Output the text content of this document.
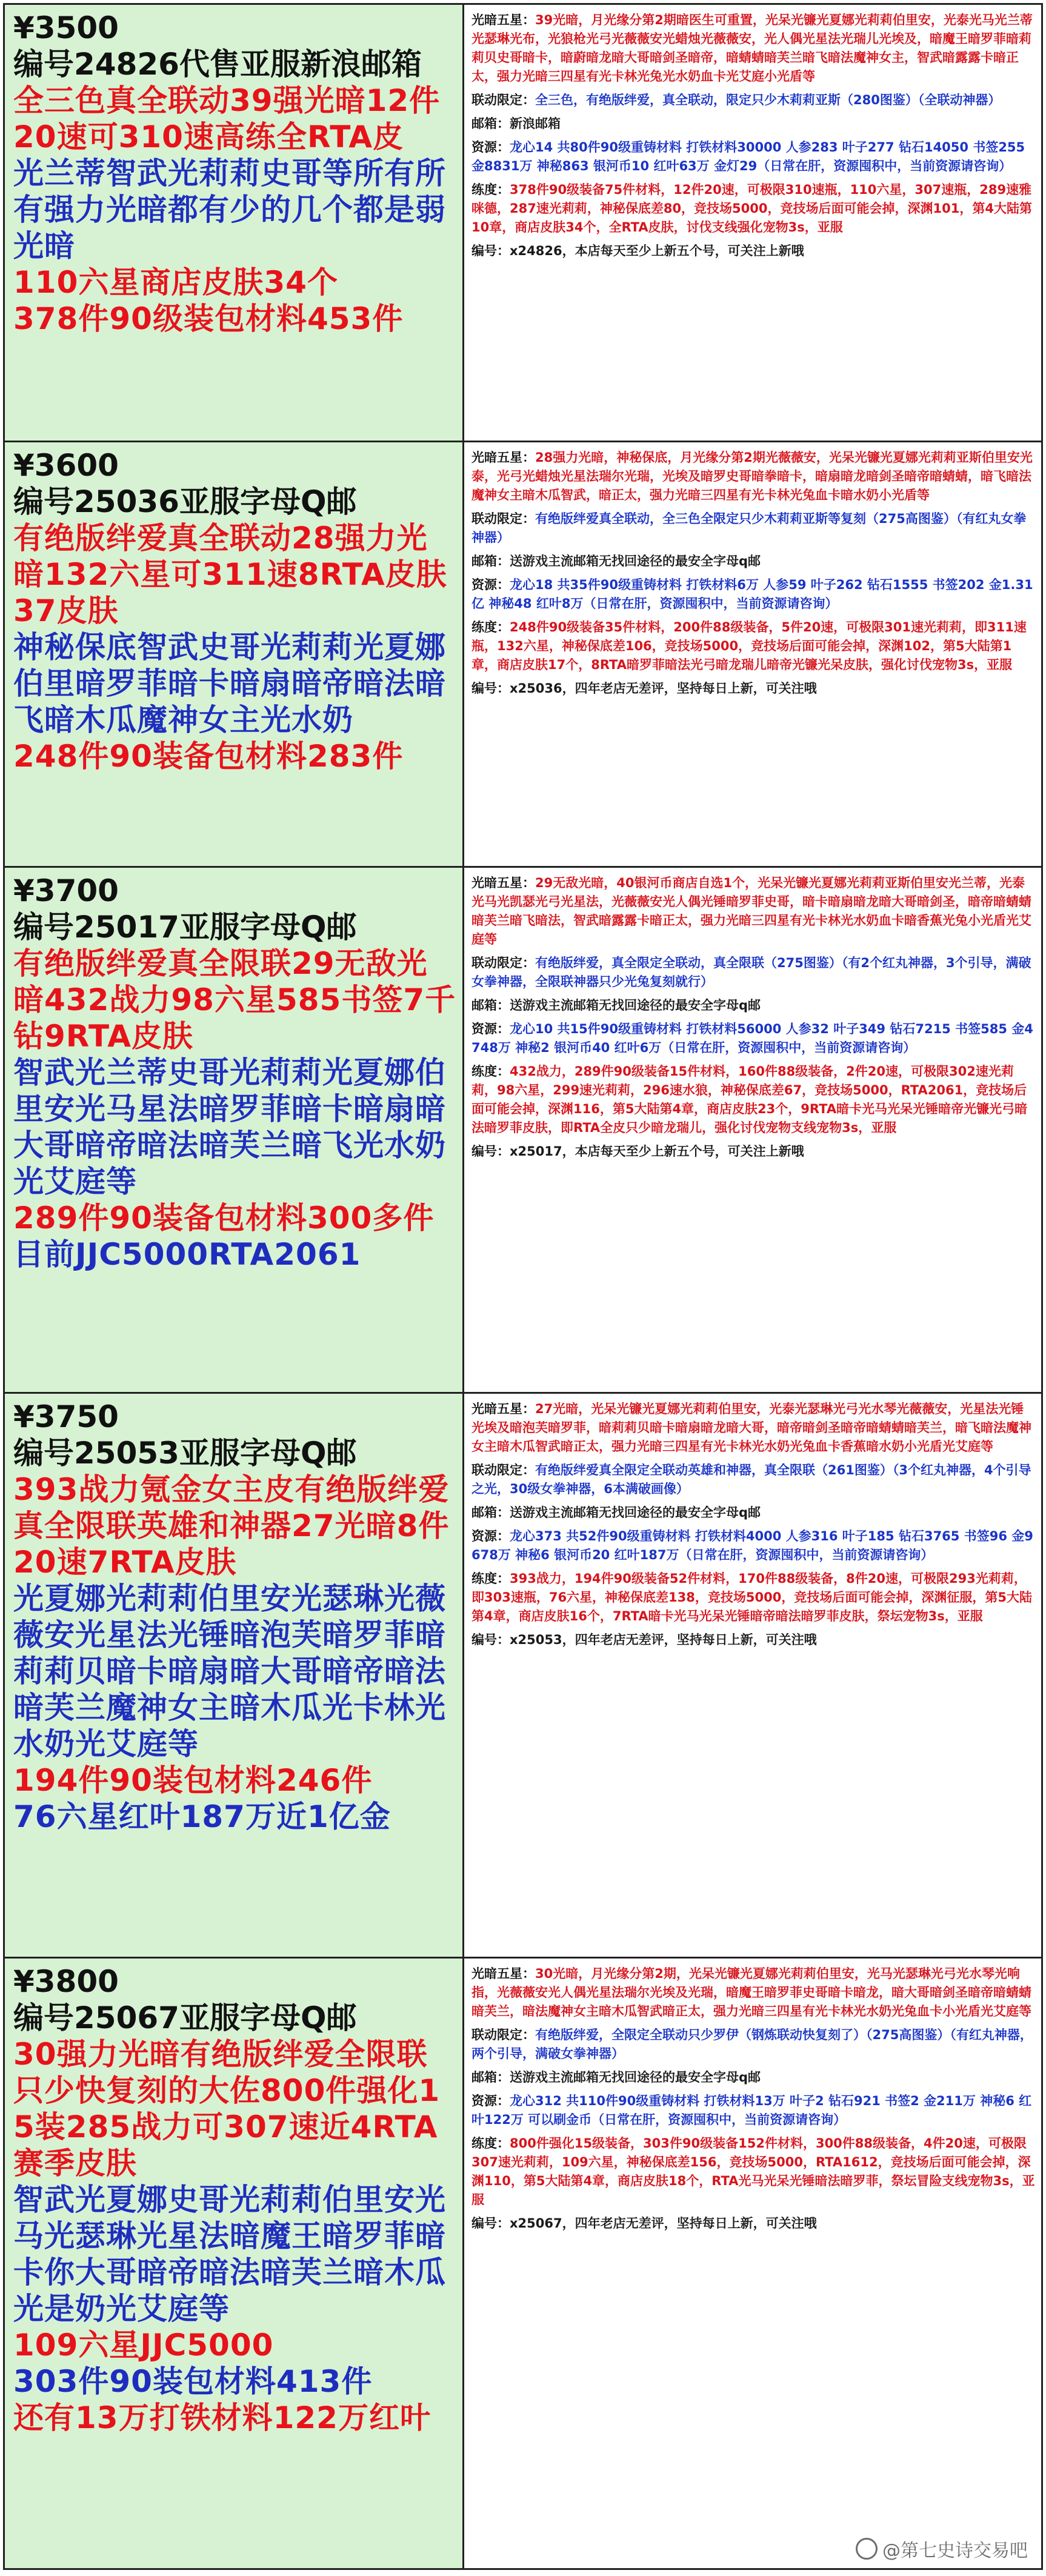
¥3500
编号24826代售亚服新浪邮箱
全三色真全联动39强光暗12件20速可310速高练全RTA皮
光兰蒂智武光莉莉史哥等所有所有强力光暗都有少的几个都是弱光暗
110六星商店皮肤34个
378件90级装包材料453件

光暗五星：39光暗，月光缘分第2期暗医生可重置，光呆光镰光夏娜光莉莉伯里安，光泰光马光兰蒂光瑟琳光布，光狼枪光弓光薇薇安光蜡烛光薇薇安，光人偶光星法光瑞儿光埃及，暗魔王暗罗菲暗莉莉贝史哥暗卡，暗蔚暗龙暗大哥暗剑圣暗帝，暗蜻蜻暗芙兰暗飞暗法魔神女主，智武暗露露卡暗正太，强力光暗三四星有光卡林光兔光水奶血卡光艾庭小光盾等

联动限定：全三色，有绝版绊爱，真全联动，限定只少木莉莉亚斯（280图鉴）（全联动神器）

邮箱：新浪邮箱

资源：龙心14 共80件90级重铸材料 打铁材料30000 人参283 叶子277 钻石14050 书签255 金8831万 神秘863 银河币10 红叶63万 金灯29（日常在肝，资源囤积中，当前资源请咨询）

练度：378件90级装备75件材料，12件20速，可极限310速瓶，110六星，307速瓶，289速雅咪德，287速光莉莉，神秘保底差80，竞技场5000，竞技场后面可能会掉，深渊101，第4大陆第10章，商店皮肤34个，全RTA皮肤，讨伐支线强化宠物3s，亚服

编号：x24826，本店每天至少上新五个号，可关注上新哦

¥3600
编号25036亚服字母Q邮
有绝版绊爱真全联动28强力光暗132六星可311速8RTA皮肤37皮肤
神秘保底智武史哥光莉莉光夏娜伯里暗罗菲暗卡暗扇暗帝暗法暗飞暗木瓜魔神女主光水奶
248件90装备包材料283件

光暗五星：28强力光暗，神秘保底，月光缘分第2期光薇薇安，光呆光镰光夏娜光莉莉亚斯伯里安光泰，光弓光蜡烛光星法瑞尔光瑞，光埃及暗罗史哥暗拳暗卡，暗扇暗龙暗剑圣暗帝暗蜻蜻，暗飞暗法魔神女主暗木瓜智武，暗正太，强力光暗三四星有光卡林光兔血卡暗水奶小光盾等

联动限定：有绝版绊爱真全联动，全三色全限定只少木莉莉亚斯等复刻（275高图鉴）（有红丸女拳神器）

邮箱：送游戏主流邮箱无找回途径的最安全字母q邮

资源：龙心18 共35件90级重铸材料 打铁材料6万 人参59 叶子262 钻石1555 书签202 金1.31亿 神秘48 红叶8万（日常在肝，资源囤积中，当前资源请咨询）

练度：248件90级装备35件材料，200件88级装备，5件20速，可极限301速光莉莉，即311速瓶，132六星，神秘保底差106，竞技场5000，竞技场后面可能会掉，深渊102，第5大陆第1章，商店皮肤17个，8RTA暗罗菲暗法光弓暗龙瑞儿暗帝光镰光呆皮肤，强化讨伐宠物3s，亚服

编号：x25036，四年老店无差评，坚持每日上新，可关注哦

¥3700
编号25017亚服字母Q邮
有绝版绊爱真全限联29无敌光暗432战力98六星585书签7千钻9RTA皮肤
智武光兰蒂史哥光莉莉光夏娜伯里安光马星法暗罗菲暗卡暗扇暗大哥暗帝暗法暗芙兰暗飞光水奶光艾庭等
289件90装备包材料300多件
目前JJC5000RTA2061

光暗五星：29无敌光暗，40银河币商店自选1个，光呆光镰光夏娜光莉莉亚斯伯里安光兰蒂，光泰光马光凯瑟光弓光星法，光薇薇安光人偶光锤暗罗菲史哥，暗卡暗扇暗龙暗大哥暗剑圣，暗帝暗蜻蜻暗芙兰暗飞暗法，智武暗露露卡暗正太，强力光暗三四星有光卡林光水奶血卡暗香蕉光兔小光盾光艾庭等

联动限定：有绝版绊爱，真全限定全联动，真全限联（275图鉴）（有2个红丸神器，3个引导，满破女拳神器，全限联神器只少光兔复刻就行）

邮箱：送游戏主流邮箱无找回途径的最安全字母q邮

资源：龙心10 共15件90级重铸材料 打铁材料56000 人参32 叶子349 钻石7215 书签585 金4748万 神秘2 银河币40 红叶6万（日常在肝，资源囤积中，当前资源请咨询）

练度：432战力，289件90级装备15件材料，160件88级装备，2件20速，可极限302速光莉莉，98六星，299速光莉莉，296速水狼，神秘保底差67，竞技场5000，RTA2061，竞技场后面可能会掉，深渊116，第5大陆第4章，商店皮肤23个，9RTA暗卡光马光呆光锤暗帝光镰光弓暗法暗罗菲皮肤，即RTA全皮只少暗龙瑞儿，强化讨伐宠物支线宠物3s，亚服

编号：x25017，本店每天至少上新五个号，可关注上新哦

¥3750
编号25053亚服字母Q邮
393战力氪金女主皮有绝版绊爱真全限联英雄和神器27光暗8件20速7RTA皮肤
光夏娜光莉莉伯里安光瑟琳光薇薇安光星法光锤暗泡芙暗罗菲暗莉莉贝暗卡暗扇暗大哥暗帝暗法暗芙兰魔神女主暗木瓜光卡林光水奶光艾庭等
194件90装包材料246件
76六星红叶187万近1亿金

光暗五星：27光暗，光呆光镰光夏娜光莉莉伯里安，光泰光瑟琳光弓光水琴光薇薇安，光星法光锤光埃及暗泡芙暗罗菲，暗莉莉贝暗卡暗扇暗龙暗大哥，暗帝暗剑圣暗帝暗蜻蜻暗芙兰，暗飞暗法魔神女主暗木瓜智武暗正太，强力光暗三四星有光卡林光水奶光兔血卡香蕉暗水奶小光盾光艾庭等

联动限定：有绝版绊爱真全限定全联动英雄和神器，真全限联（261图鉴）（3个红丸神器，4个引导之光，30级女拳神器，6本满破画像）

邮箱：送游戏主流邮箱无找回途径的最安全字母q邮

资源：龙心373 共52件90级重铸材料 打铁材料4000 人参316 叶子185 钻石3765 书签96 金9678万 神秘6 银河币20 红叶187万（日常在肝，资源囤积中，当前资源请咨询）

练度：393战力，194件90级装备52件材料，170件88级装备，8件20速，可极限293光莉莉，即303速瓶，76六星，神秘保底差138，竞技场5000，竞技场后面可能会掉，深渊征服，第5大陆第4章，商店皮肤16个，7RTA暗卡光马光呆光锤暗帝暗法暗罗菲皮肤，祭坛宠物3s，亚服

编号：x25053，四年老店无差评，坚持每日上新，可关注哦

¥3800
编号25067亚服字母Q邮
30强力光暗有绝版绊爱全限联只少快复刻的大佐800件强化15装285战力可307速近4RTA赛季皮肤
智武光夏娜史哥光莉莉伯里安光马光瑟琳光星法暗魔王暗罗菲暗卡你大哥暗帝暗法暗芙兰暗木瓜光是奶光艾庭等
109六星JJC5000
303件90装包材料413件
还有13万打铁材料122万红叶

光暗五星：30光暗，月光缘分第2期，光呆光镰光夏娜光莉莉伯里安，光马光瑟琳光弓光水琴光响指，光薇薇安光人偶光星法瑞尔光埃及光瑞，暗魔王暗罗菲史哥暗卡暗龙，暗大哥暗剑圣暗帝暗蜻蜻暗芙兰，暗法魔神女主暗木瓜智武暗正太，强力光暗三四星有光卡林光水奶光兔血卡小光盾光艾庭等

联动限定：有绝版绊爱，全限定全联动只少罗伊（钢炼联动快复刻了）（275高图鉴）（有红丸神器，两个引导，满破女拳神器）

邮箱：送游戏主流邮箱无找回途径的最安全字母q邮

资源：龙心312 共110件90级重铸材料 打铁材料13万 叶子2 钻石921 书签2 金211万 神秘6 红叶122万 可以刷金币（日常在肝，资源囤积中，当前资源请咨询）

练度：800件强化15级装备，303件90级装备152件材料，300件88级装备，4件20速，可极限307速光莉莉，109六星，神秘保底差156，竞技场5000，RTA1612，竞技场后面可能会掉，深渊110，第5大陆第4章，商店皮肤18个，RTA光马光呆光锤暗法暗罗菲，祭坛冒险支线宠物3s，亚服

编号：x25067，四年老店无差评，坚持每日上新，可关注哦

@第七史诗交易吧
